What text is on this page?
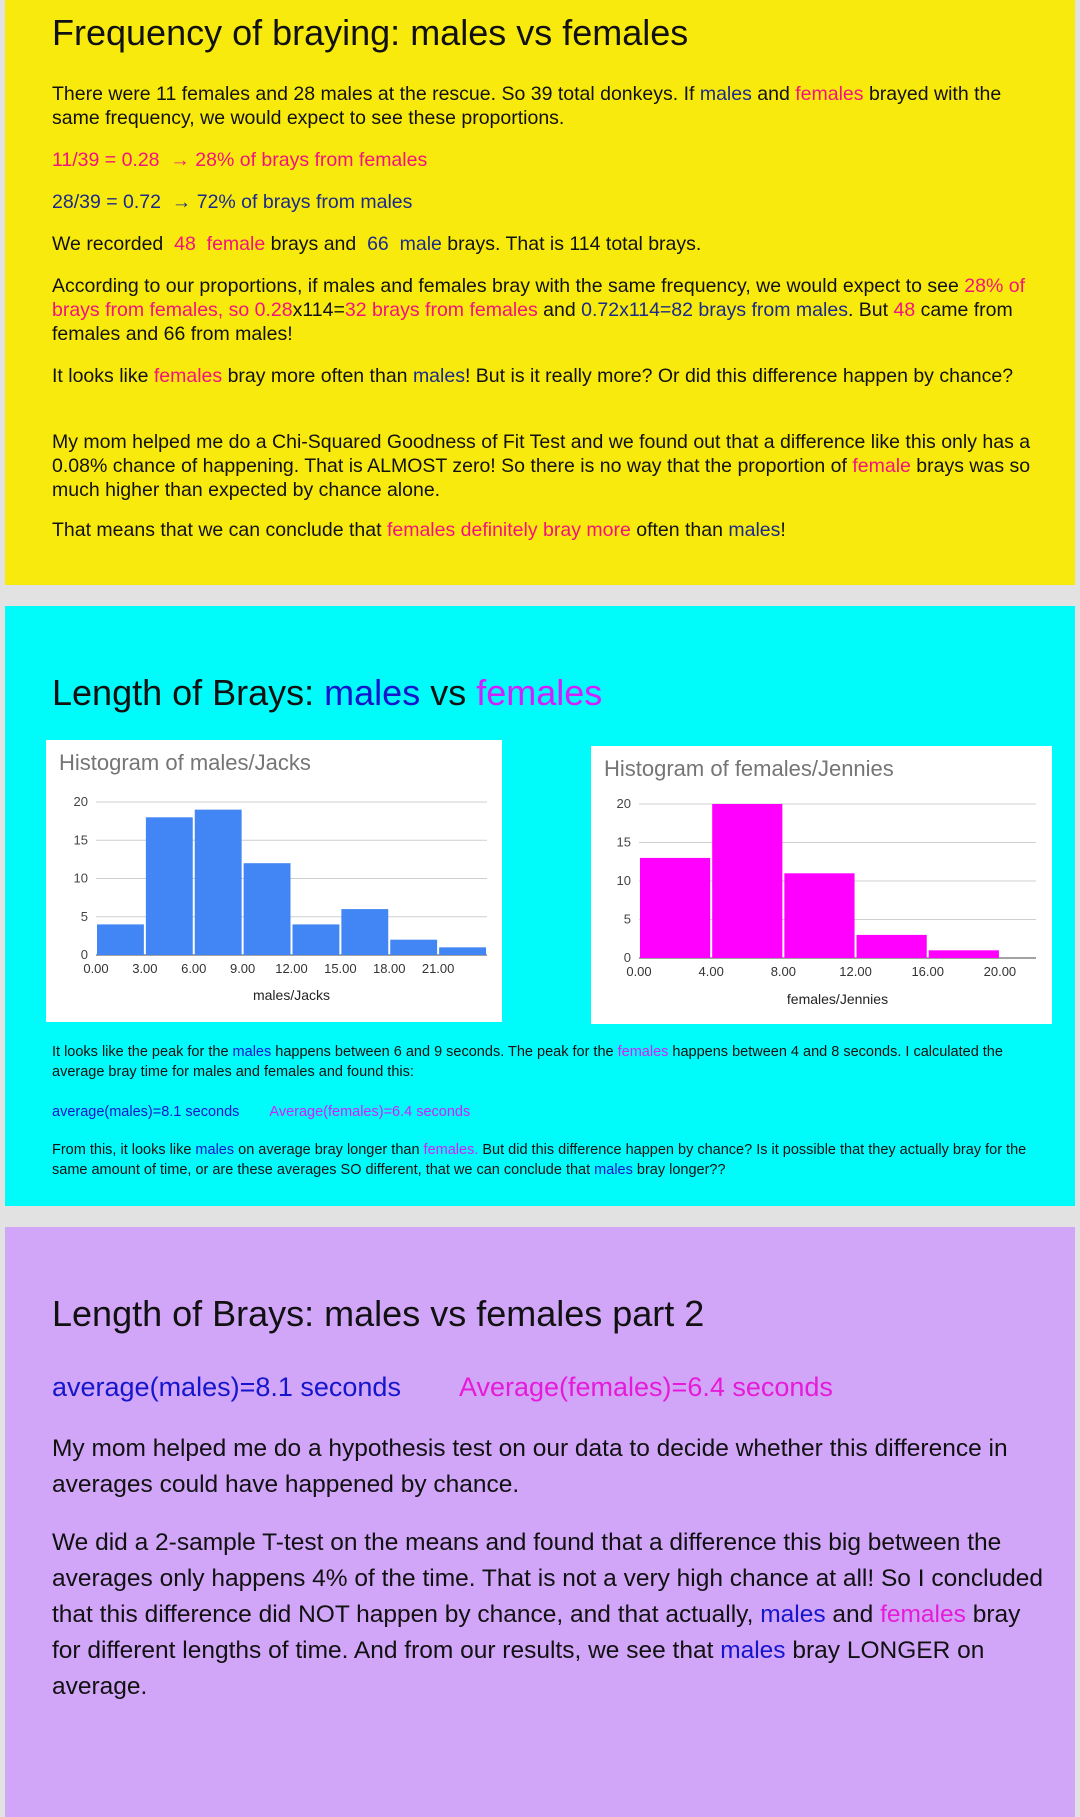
Frequency of braying: males vs females

There were 11 females and 28 males at the rescue. So 39 total donkeys. If males and females brayed with the same frequency, we would expect to see these proportions.

11/39 = 0.28  → 28% of brays from females

28/39 = 0.72  → 72% of brays from males

We recorded  48  female brays and  66  male brays. That is 114 total brays.

According to our proportions, if males and females bray with the same frequency, we would expect to see 28% of brays from females, so 0.28x114=32 brays from females and 0.72x114=82 brays from males. But 48 came from females and 66 from males!

It looks like females bray more often than males! But is it really more? Or did this difference happen by chance?

My mom helped me do a Chi-Squared Goodness of Fit Test and we found out that a difference like this only has a 0.08% chance of happening. That is ALMOST zero! So there is no way that the proportion of female brays was so much higher than expected by chance alone.

That means that we can conclude that females definitely bray more often than males!

Length of Brays: males vs females
Histogram of males/Jacks
0
5
10
15
20
0.00 3.00 6.00 9.00 12.00 15.00 18.00 21.00
males/Jacks
Histogram of females/Jennies
0
5
10
15
20
0.00	4.00	8.00	12.00	16.00	20.00
females/Jennies

It looks like the peak for the males happens between 6 and 9 seconds. The peak for the females happens between 4 and 8 seconds. I calculated the average bray time for males and females and found this:

average(males)=8.1 seconds Average(females)=6.4 seconds

From this, it looks like males on average bray longer than females. But did this difference happen by chance? Is it possible that they actually bray for the same amount of time, or are these averages SO different, that we can conclude that males bray longer??

Length of Brays: males vs females part 2

average(males)=8.1 seconds Average(females)=6.4 seconds

My mom helped me do a hypothesis test on our data to decide whether this difference in averages could have happened by chance.

We did a 2-sample T-test on the means and found that a difference this big between the averages only happens 4% of the time. That is not a very high chance at all! So I concluded that this difference did NOT happen by chance, and that actually, males and females bray for different lengths of time. And from our results, we see that males bray LONGER on average.
